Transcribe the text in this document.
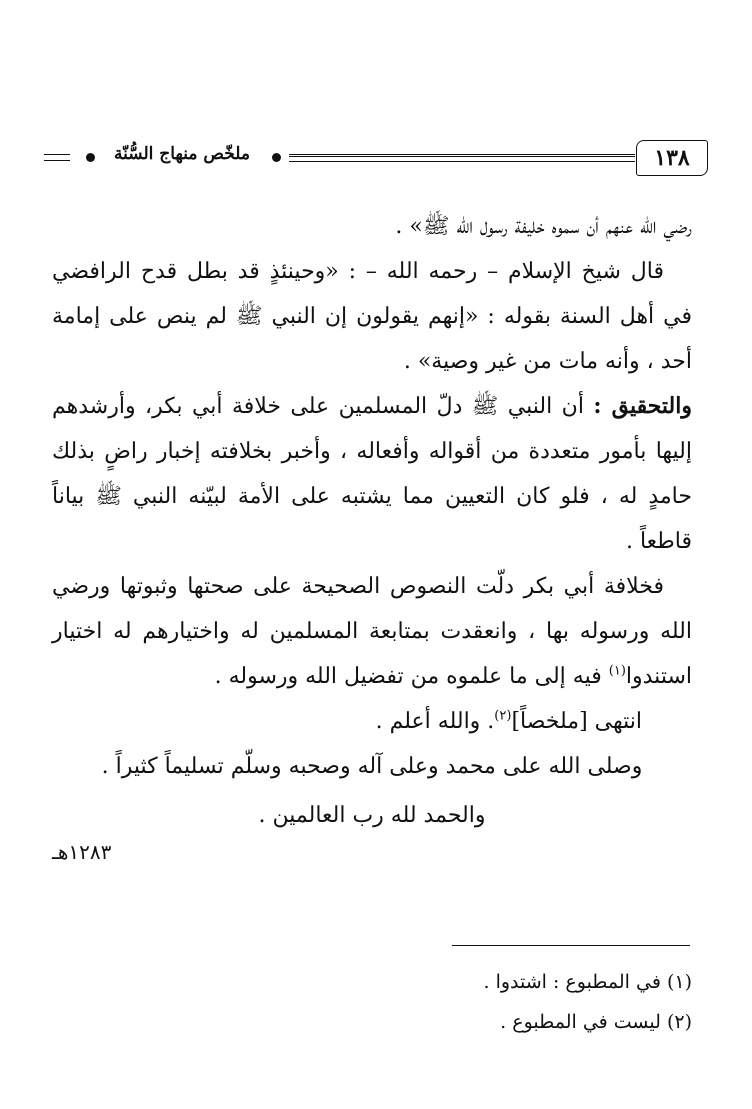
ملخّص منهاج السُّنّة	١٣٨

رضي الله عنهم أن سموه خليفة رسول الله ﷺ» .

قال شيخ الإسلام – رحمه الله – : «وحينئذٍ قد بطل قدح الرافضي في أهل السنة بقوله : «إنهم يقولون إن النبي ﷺ لم ينص على إمامة أحد ، وأنه مات من غير وصية» .

والتحقيق : أن النبي ﷺ دلّ المسلمين على خلافة أبي بكر، وأرشدهم إليها بأمور متعددة من أقواله وأفعاله ، وأخبر بخلافته إخبار راضٍ بذلك حامدٍ له ، فلو كان التعيين مما يشتبه على الأمة لبيّنه النبي ﷺ بياناً قاطعاً .

فخلافة أبي بكر دلّت النصوص الصحيحة على صحتها وثبوتها ورضي الله ورسوله بها ، وانعقدت بمتابعة المسلمين له واختيارهم له اختيار استندوا$^{(١)}$ فيه إلى ما علموه من تفضيل الله ورسوله .

انتهى [ملخصاً]$^{(٢)}$. والله أعلم .

وصلى الله على محمد وعلى آله وصحبه وسلّم تسليماً كثيراً .

والحمد لله رب العالمين .

١٢٨٣هـ
(١) في المطبوع : اشتدوا .
(٢) ليست في المطبوع .
